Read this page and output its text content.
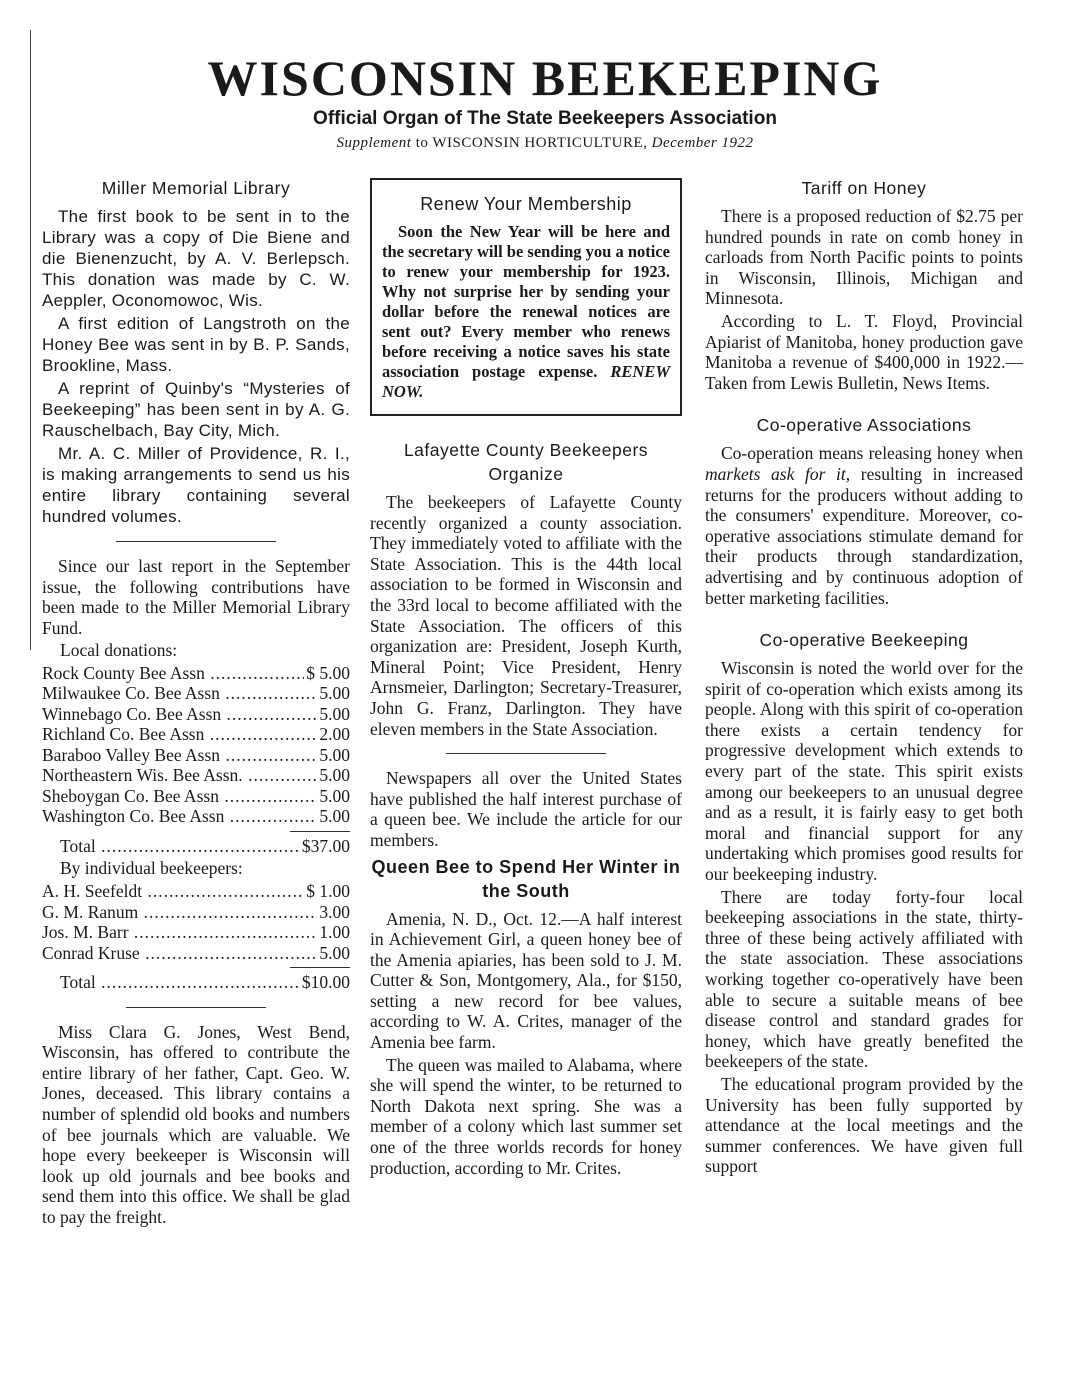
WISCONSIN BEEKEEPING
Official Organ of The State Beekeepers Association
Supplement to WISCONSIN HORTICULTURE, December 1922
Miller Memorial Library

The first book to be sent in to the Library was a copy of Die Biene and die Bienenzucht, by A. V. Berlepsch. This donation was made by C. W. Aeppler, Oconomowoc, Wis.

A first edition of Langstroth on the Honey Bee was sent in by B. P. Sands, Brookline, Mass.

A reprint of Quinby's “Mysteries of Beekeeping” has been sent in by A. G. Rauschelbach, Bay City, Mich.

Mr. A. C. Miller of Providence, R. I., is making arrangements to send us his entire library containing several hundred volumes.

Since our last report in the September issue, the following contributions have been made to the Miller Memorial Library Fund.

Local donations:
Rock County Bee Assn .....	$ 5.00
Milwaukee Co. Bee Assn .....	5.00
Winnebago Co. Bee Assn .....	5.00
Richland Co. Bee Assn .....	2.00
Baraboo Valley Bee Assn .....	5.00
Northeastern Wis. Bee Assn. .....	5.00
Sheboygan Co. Bee Assn .....	5.00
Washington Co. Bee Assn .....	5.00
Total .....	$37.00
By individual beekeepers:
A. H. Seefeldt .....	$ 1.00
G. M. Ranum .....	3.00
Jos. M. Barr .....	1.00
Conrad Kruse .....	5.00
Total .....	$10.00

Miss Clara G. Jones, West Bend, Wisconsin, has offered to contribute the entire library of her father, Capt. Geo. W. Jones, deceased. This library contains a number of splendid old books and numbers of bee journals which are valuable. We hope every beekeeper is Wisconsin will look up old journals and bee books and send them into this office. We shall be glad to pay the freight.

Renew Your Membership

Soon the New Year will be here and the secretary will be sending you a notice to renew your membership for 1923. Why not surprise her by sending your dollar before the renewal notices are sent out? Every member who renews before receiving a notice saves his state association postage expense. RENEW NOW.

Lafayette County Beekeepers Organize

The beekeepers of Lafayette County recently organized a county association. They immediately voted to affiliate with the State Association. This is the 44th local association to be formed in Wisconsin and the 33rd local to become affiliated with the State Association. The officers of this organization are: President, Joseph Kurth, Mineral Point; Vice President, Henry Arnsmeier, Darlington; Secretary-Treasurer, John G. Franz, Darlington. They have eleven members in the State Association.

Newspapers all over the United States have published the half interest purchase of a queen bee. We include the article for our members.

Queen Bee to Spend Her Winter in the South

Amenia, N. D., Oct. 12.—A half interest in Achievement Girl, a queen honey bee of the Amenia apiaries, has been sold to J. M. Cutter & Son, Montgomery, Ala., for $150, setting a new record for bee values, according to W. A. Crites, manager of the Amenia bee farm.

The queen was mailed to Alabama, where she will spend the winter, to be returned to North Dakota next spring. She was a member of a colony which last summer set one of the three worlds records for honey production, according to Mr. Crites.

Tariff on Honey

There is a proposed reduction of $2.75 per hundred pounds in rate on comb honey in carloads from North Pacific points to points in Wisconsin, Illinois, Michigan and Minnesota.

According to L. T. Floyd, Provincial Apiarist of Manitoba, honey production gave Manitoba a revenue of $400,000 in 1922.—Taken from Lewis Bulletin, News Items.

Co-operative Associations

Co-operation means releasing honey when markets ask for it, resulting in increased returns for the producers without adding to the consumers' expenditure. Moreover, co-operative associations stimulate demand for their products through standardization, advertising and by continuous adoption of better marketing facilities.

Co-operative Beekeeping

Wisconsin is noted the world over for the spirit of co-operation which exists among its people. Along with this spirit of co-operation there exists a certain tendency for progressive development which extends to every part of the state. This spirit exists among our beekeepers to an unusual degree and as a result, it is fairly easy to get both moral and financial support for any undertaking which promises good results for our beekeeping industry.

There are today forty-four local beekeeping associations in the state, thirty-three of these being actively affiliated with the state association. These associations working together co-operatively have been able to secure a suitable means of bee disease control and standard grades for honey, which have greatly benefited the beekeepers of the state.

The educational program provided by the University has been fully supported by attendance at the local meetings and the summer conferences. We have given full support
